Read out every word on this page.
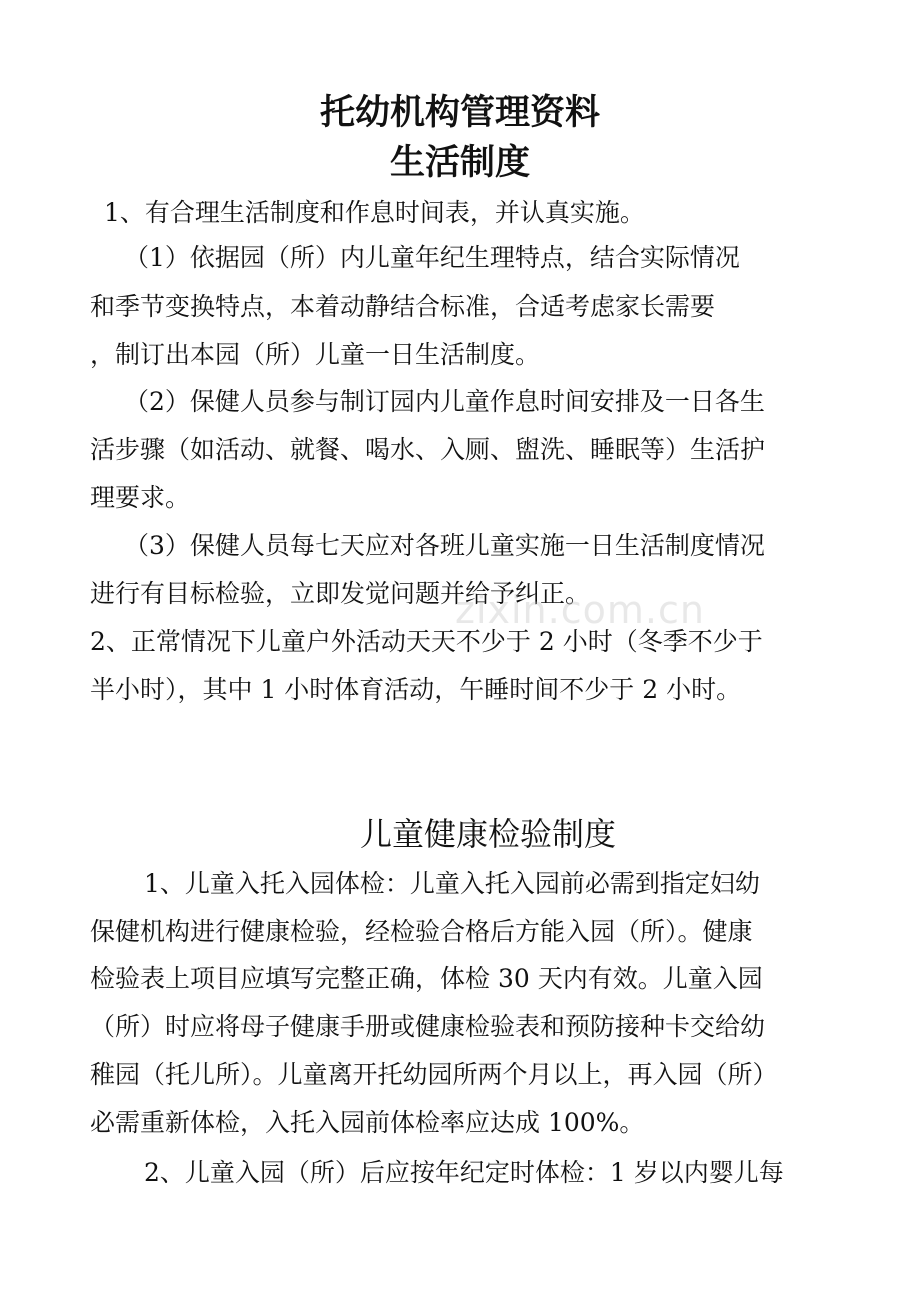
托幼机构管理资料
生活制度

1、有合理生活制度和作息时间表，并认真实施。

（1）依据园（所）内儿童年纪生理特点，结合实际情况

和季节变换特点，本着动静结合标准，合适考虑家长需要

，制订出本园（所）儿童一日生活制度。

（2）保健人员参与制订园内儿童作息时间安排及一日各生

活步骤（如活动、就餐、喝水、入厕、盥洗、睡眠等）生活护

理要求。

（3）保健人员每七天应对各班儿童实施一日生活制度情况

进行有目标检验，立即发觉问题并给予纠正。

2、正常情况下儿童户外活动天天不少于 2 小时（冬季不少于

半小时），其中 1 小时体育活动，午睡时间不少于 2 小时。

zixin.com.cn
儿童健康检验制度

1、儿童入托入园体检：儿童入托入园前必需到指定妇幼

保健机构进行健康检验，经检验合格后方能入园（所）。健康

检验表上项目应填写完整正确，体检 30 天内有效。儿童入园

（所）时应将母子健康手册或健康检验表和预防接种卡交给幼

稚园（托儿所）。儿童离开托幼园所两个月以上，再入园（所）

必需重新体检，入托入园前体检率应达成 100%。

2、儿童入园（所）后应按年纪定时体检：1 岁以内婴儿每
